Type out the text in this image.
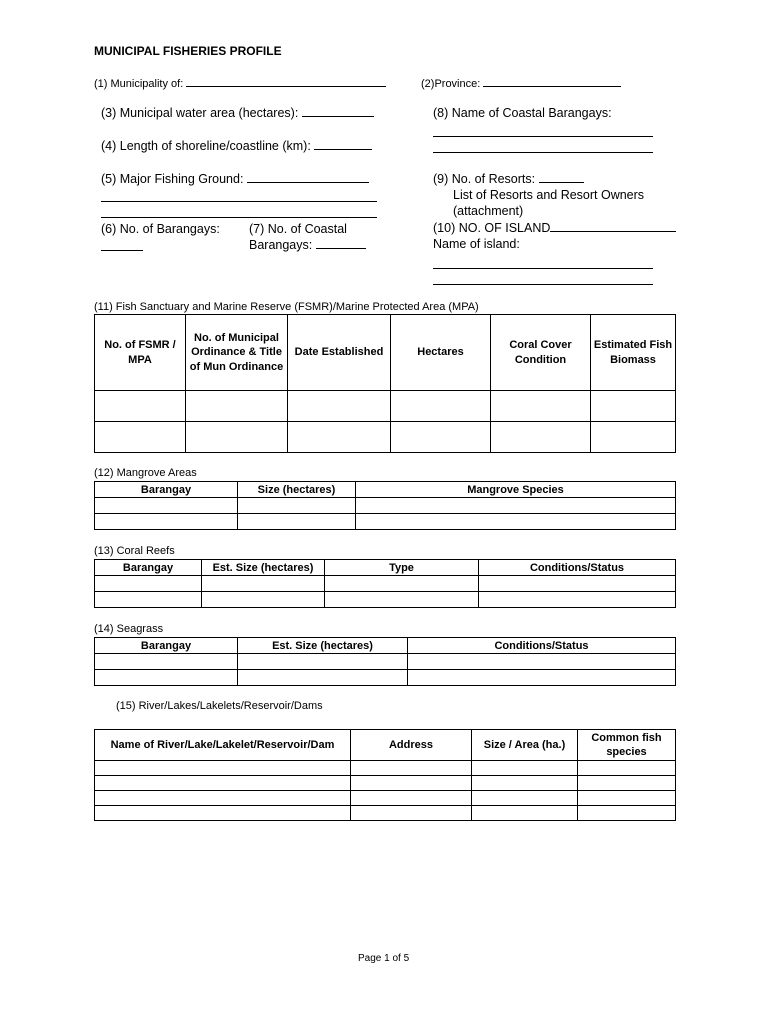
MUNICIPAL FISHERIES PROFILE
(1) Municipality of:	(2)Province:
(3) Municipal water area (hectares):
(4) Length of shoreline/coastline (km):
(5) Major Fishing Ground:
(6) No. of Barangays: (7) No. of Coastal
Barangays:
(8) Name of Coastal Barangays:
(9) No. of Resorts:
List of Resorts and Resort Owners
(attachment)
(10) NO. OF ISLAND
Name of island:
(11) Fish Sanctuary and Marine Reserve (FSMR)/Marine Protected Area (MPA)
No. of FSMR / MPA	No. of Municipal Ordinance & Title of Mun Ordinance	Date Established	Hectares	Coral Cover Condition	Estimated Fish Biomass

(12) Mangrove Areas
Barangay	Size (hectares)	Mangrove Species

(13) Coral Reefs
Barangay	Est. Size (hectares)	Type	Conditions/Status

(14) Seagrass
Barangay	Est. Size (hectares)	Conditions/Status

(15) River/Lakes/Lakelets/Reservoir/Dams
Name of River/Lake/Lakelet/Reservoir/Dam	Address	Size / Area (ha.)	Common fish species

Page 1 of 5
